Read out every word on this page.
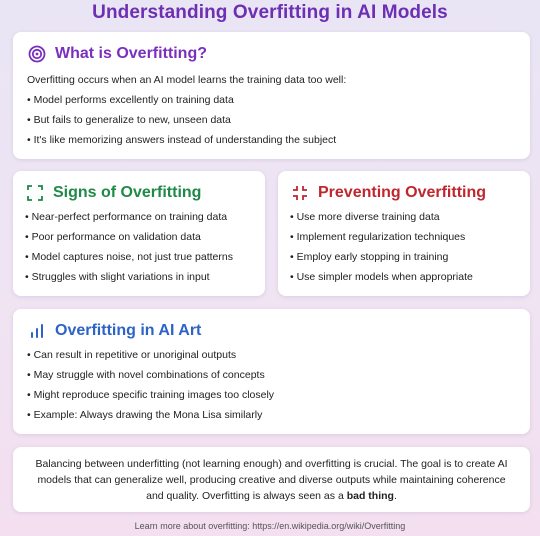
Understanding Overfitting in AI Models
What is Overfitting?

Overfitting occurs when an AI model learns the training data too well:

• Model performs excellently on training data
• But fails to generalize to new, unseen data
• It's like memorizing answers instead of understanding the subject
Signs of Overfitting
• Near-perfect performance on training data
• Poor performance on validation data
• Model captures noise, not just true patterns
• Struggles with slight variations in input
Preventing Overfitting
• Use more diverse training data
• Implement regularization techniques
• Employ early stopping in training
• Use simpler models when appropriate
Overfitting in AI Art
• Can result in repetitive or unoriginal outputs
• May struggle with novel combinations of concepts
• Might reproduce specific training images too closely
• Example: Always drawing the Mona Lisa similarly
Balancing between underfitting (not learning enough) and overfitting is crucial. The goal is to create AI models that can generalize well, producing creative and diverse outputs while maintaining coherence and quality. Overfitting is always seen as a bad thing.
Learn more about overfitting: https://en.wikipedia.org/wiki/Overfitting
